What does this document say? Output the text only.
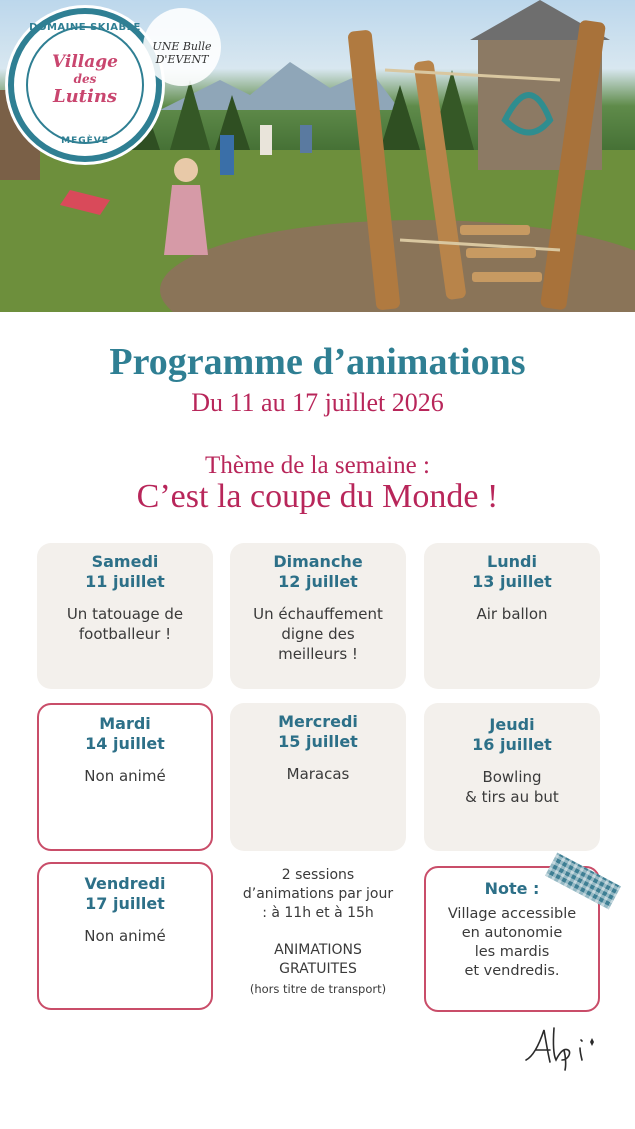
DOMAINE SKIABLE
Village
des
Lutins
MEGÈVE
UNE Bulle D'EVENT
Programme d’animations
Du 11 au 17 juillet 2026
Thème de la semaine :
C’est la coupe du Monde !
Samedi
11 juillet
Un tatouage de
footballeur !
Dimanche
12 juillet
Un échauffement
digne des
meilleurs !
Lundi
13 juillet
Air ballon
Mardi
14 juillet
Non animé
Mercredi
15 juillet
Maracas
Jeudi
16 juillet
Bowling
& tirs au but
Vendredi
17 juillet
Non animé
2 sessions
d’animations par jour
: à 11h et à 15h
ANIMATIONS
GRATUITES
(hors titre de transport)
Note :
Village accessible
en autonomie
les mardis
et vendredis.
